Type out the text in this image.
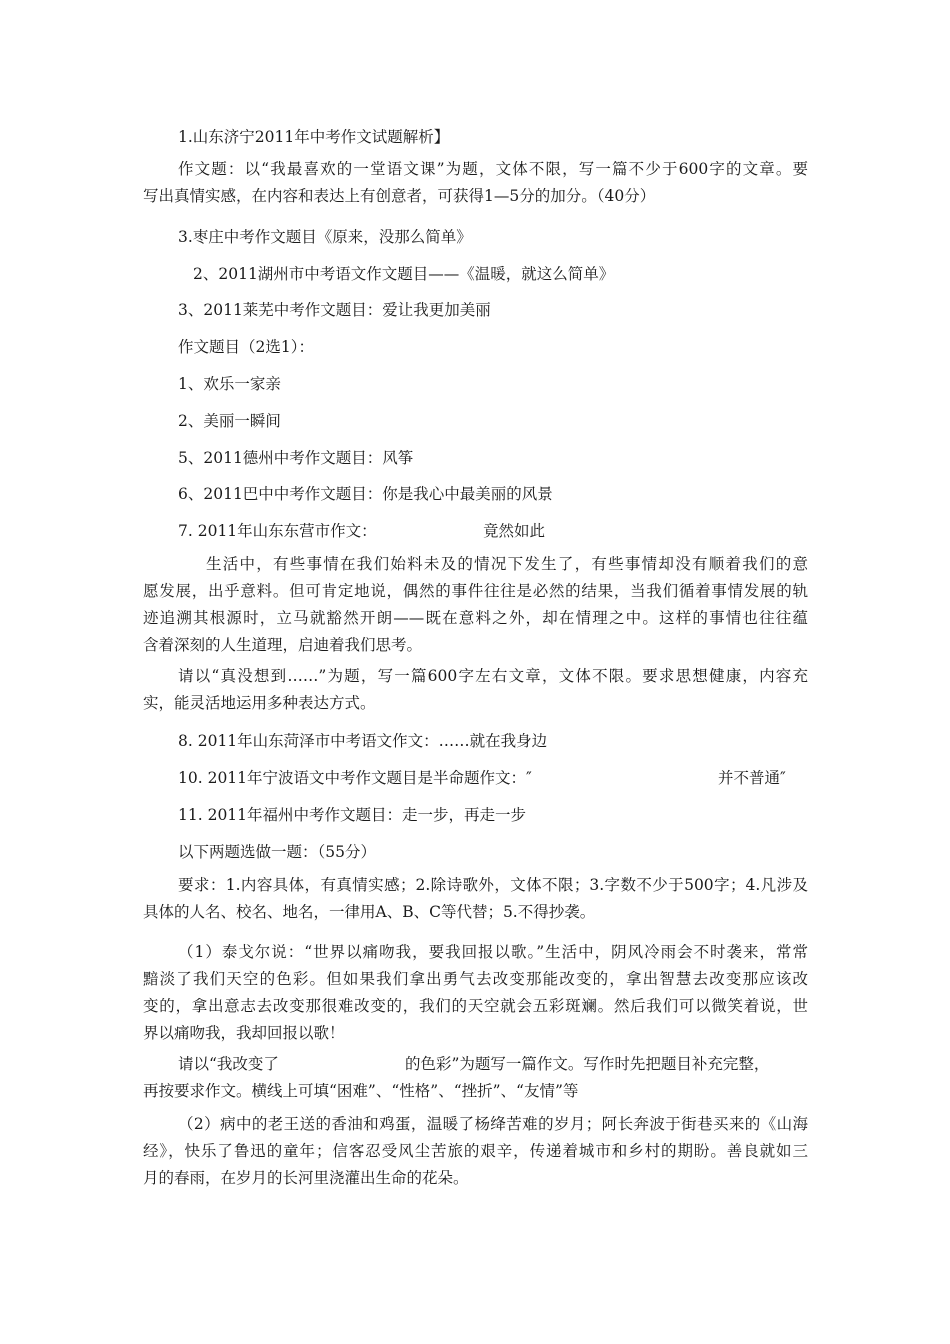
1.山东济宁2011年中考作文试题解析】
作文题：以“我最喜欢的一堂语文课”为题，文体不限，写一篇不少于600字的文章。要
写出真情实感，在内容和表达上有创意者，可获得1—5分的加分。（40分）
3.枣庄中考作文题目《原来，没那么简单》
2、2011湖州市中考语文作文题目——《温暖，就这么简单》
3、2011莱芜中考作文题目：爱让我更加美丽
作文题目（2选1）：
1、欢乐一家亲
2、美丽一瞬间
5、2011德州中考作文题目：风筝
6、2011巴中中考作文题目：你是我心中最美丽的风景
7. 2011年山东东营市作文：	竟然如此
生活中，有些事情在我们始料未及的情况下发生了，有些事情却没有顺着我们的意
愿发展，出乎意料。但可肯定地说，偶然的事件往往是必然的结果，当我们循着事情发展的轨
迹追溯其根源时，立马就豁然开朗——既在意料之外，却在情理之中。这样的事情也往往蕴
含着深刻的人生道理，启迪着我们思考。
请以“真没想到……”为题，写一篇600字左右文章，文体不限。要求思想健康，内容充
实，能灵活地运用多种表达方式。
8. 2011年山东菏泽市中考语文作文：……就在我身边
10. 2011年宁波语文中考作文题目是半命题作文：″	并不普通″
11. 2011年福州中考作文题目：走一步，再走一步
以下两题选做一题：（55分）
要求：1.内容具体，有真情实感；2.除诗歌外，文体不限；3.字数不少于500字；4.凡涉及
具体的人名、校名、地名，一律用A、B、C等代替；5.不得抄袭。
（1）泰戈尔说：“世界以痛吻我，要我回报以歌。”生活中，阴风冷雨会不时袭来，常常
黯淡了我们天空的色彩。但如果我们拿出勇气去改变那能改变的，拿出智慧去改变那应该改
变的，拿出意志去改变那很难改变的，我们的天空就会五彩斑斓。然后我们可以微笑着说，世
界以痛吻我，我却回报以歌！
请以“我改变了	的色彩”为题写一篇作文。写作时先把题目补充完整，
再按要求作文。横线上可填“困难”、“性格”、“挫折”、“友情”等
（2）病中的老王送的香油和鸡蛋，温暖了杨绛苦难的岁月；阿长奔波于街巷买来的《山海
经》，快乐了鲁迅的童年；信客忍受风尘苦旅的艰辛，传递着城市和乡村的期盼。善良就如三
月的春雨，在岁月的长河里浇灌出生命的花朵。
